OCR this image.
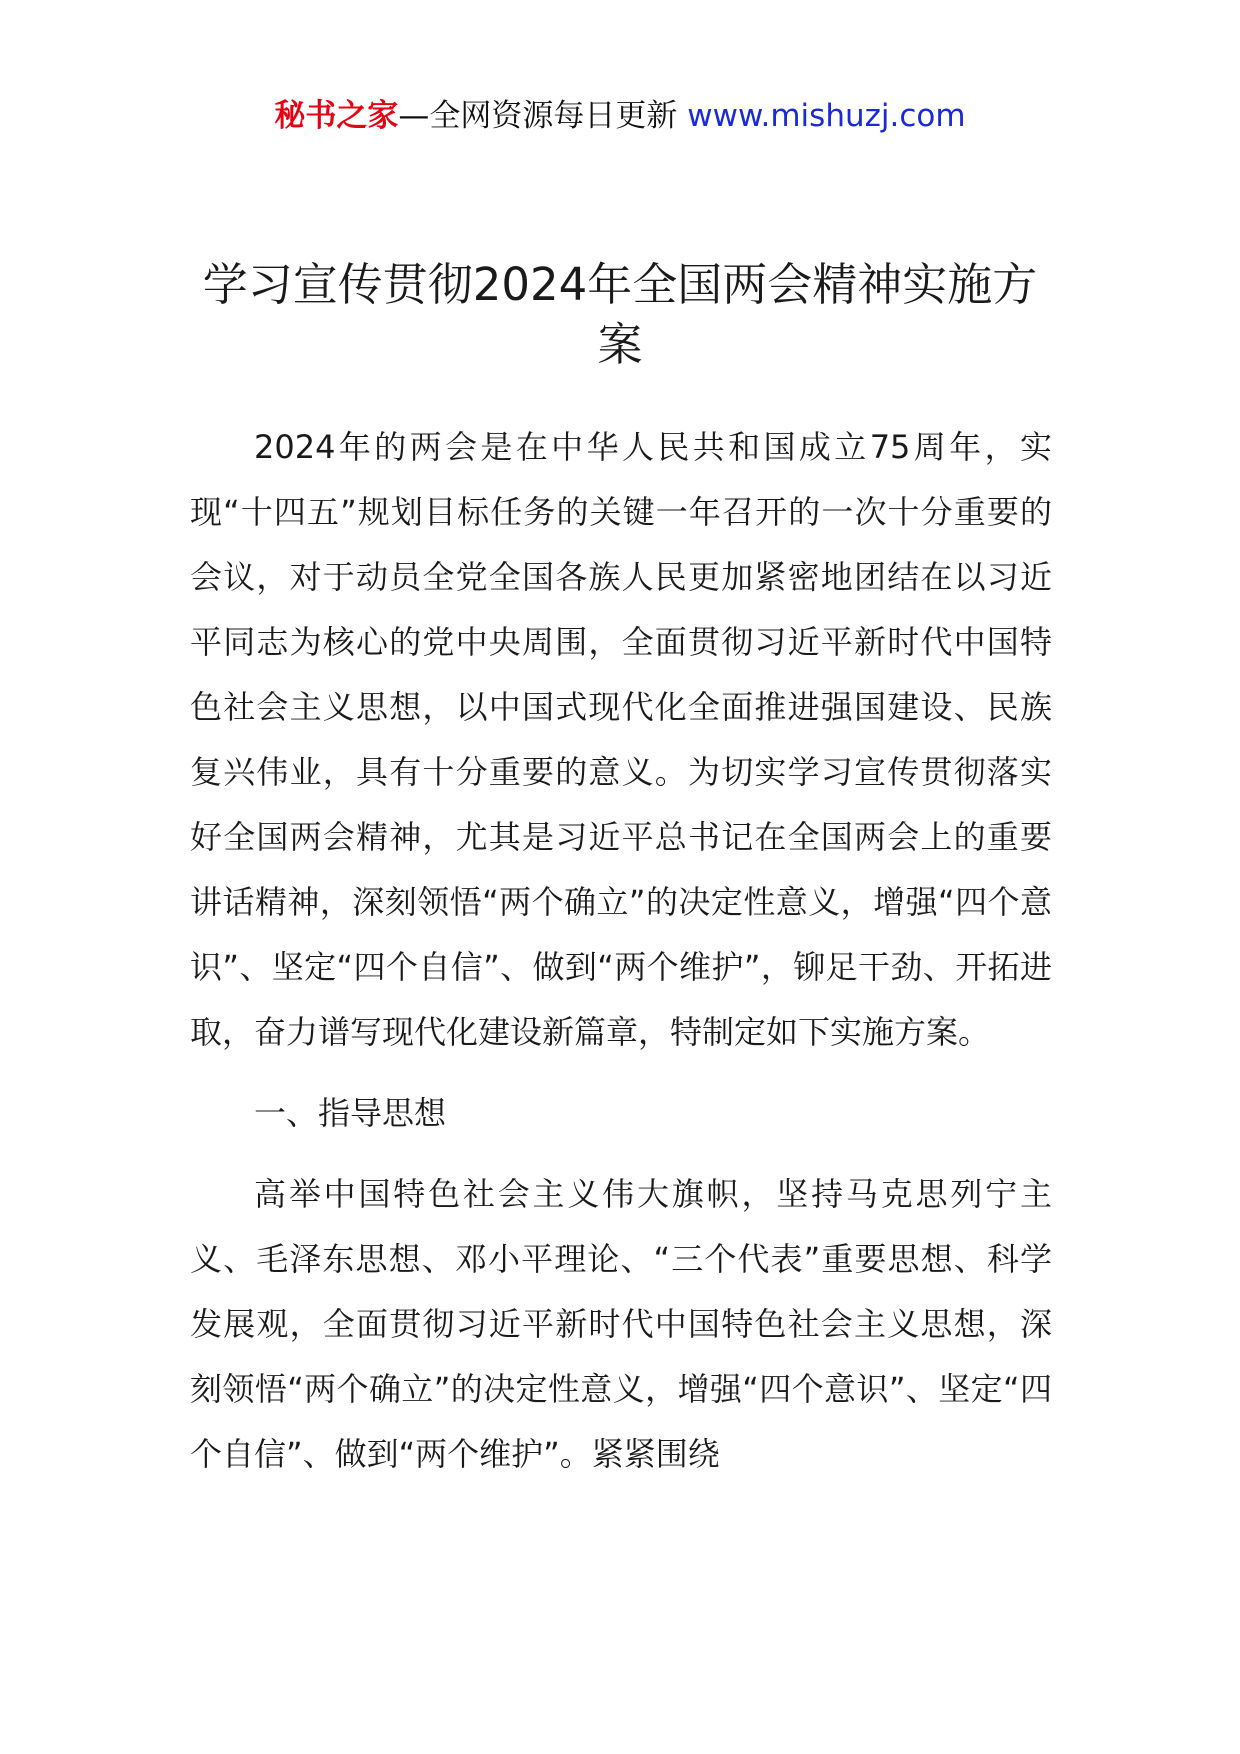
秘书之家—全网资源每日更新 www.mishuzj.com
学习宣传贯彻2024年全国两会精神实施方案

2024年的两会是在中华人民共和国成立75周年，实现“十四五”规划目标任务的关键一年召开的一次十分重要的会议，对于动员全党全国各族人民更加紧密地团结在以习近平同志为核心的党中央周围，全面贯彻习近平新时代中国特色社会主义思想，以中国式现代化全面推进强国建设、民族复兴伟业，具有十分重要的意义。为切实学习宣传贯彻落实好全国两会精神，尤其是习近平总书记在全国两会上的重要讲话精神，深刻领悟“两个确立”的决定性意义，增强“四个意识”、坚定“四个自信”、做到“两个维护”，铆足干劲、开拓进取，奋力谱写现代化建设新篇章，特制定如下实施方案。

一、指导思想

高举中国特色社会主义伟大旗帜，坚持马克思列宁主义、毛泽东思想、邓小平理论、“三个代表”重要思想、科学发展观，全面贯彻习近平新时代中国特色社会主义思想，深刻领悟“两个确立”的决定性意义，增强“四个意识”、坚定“四个自信”、做到“两个维护”。紧紧围绕
